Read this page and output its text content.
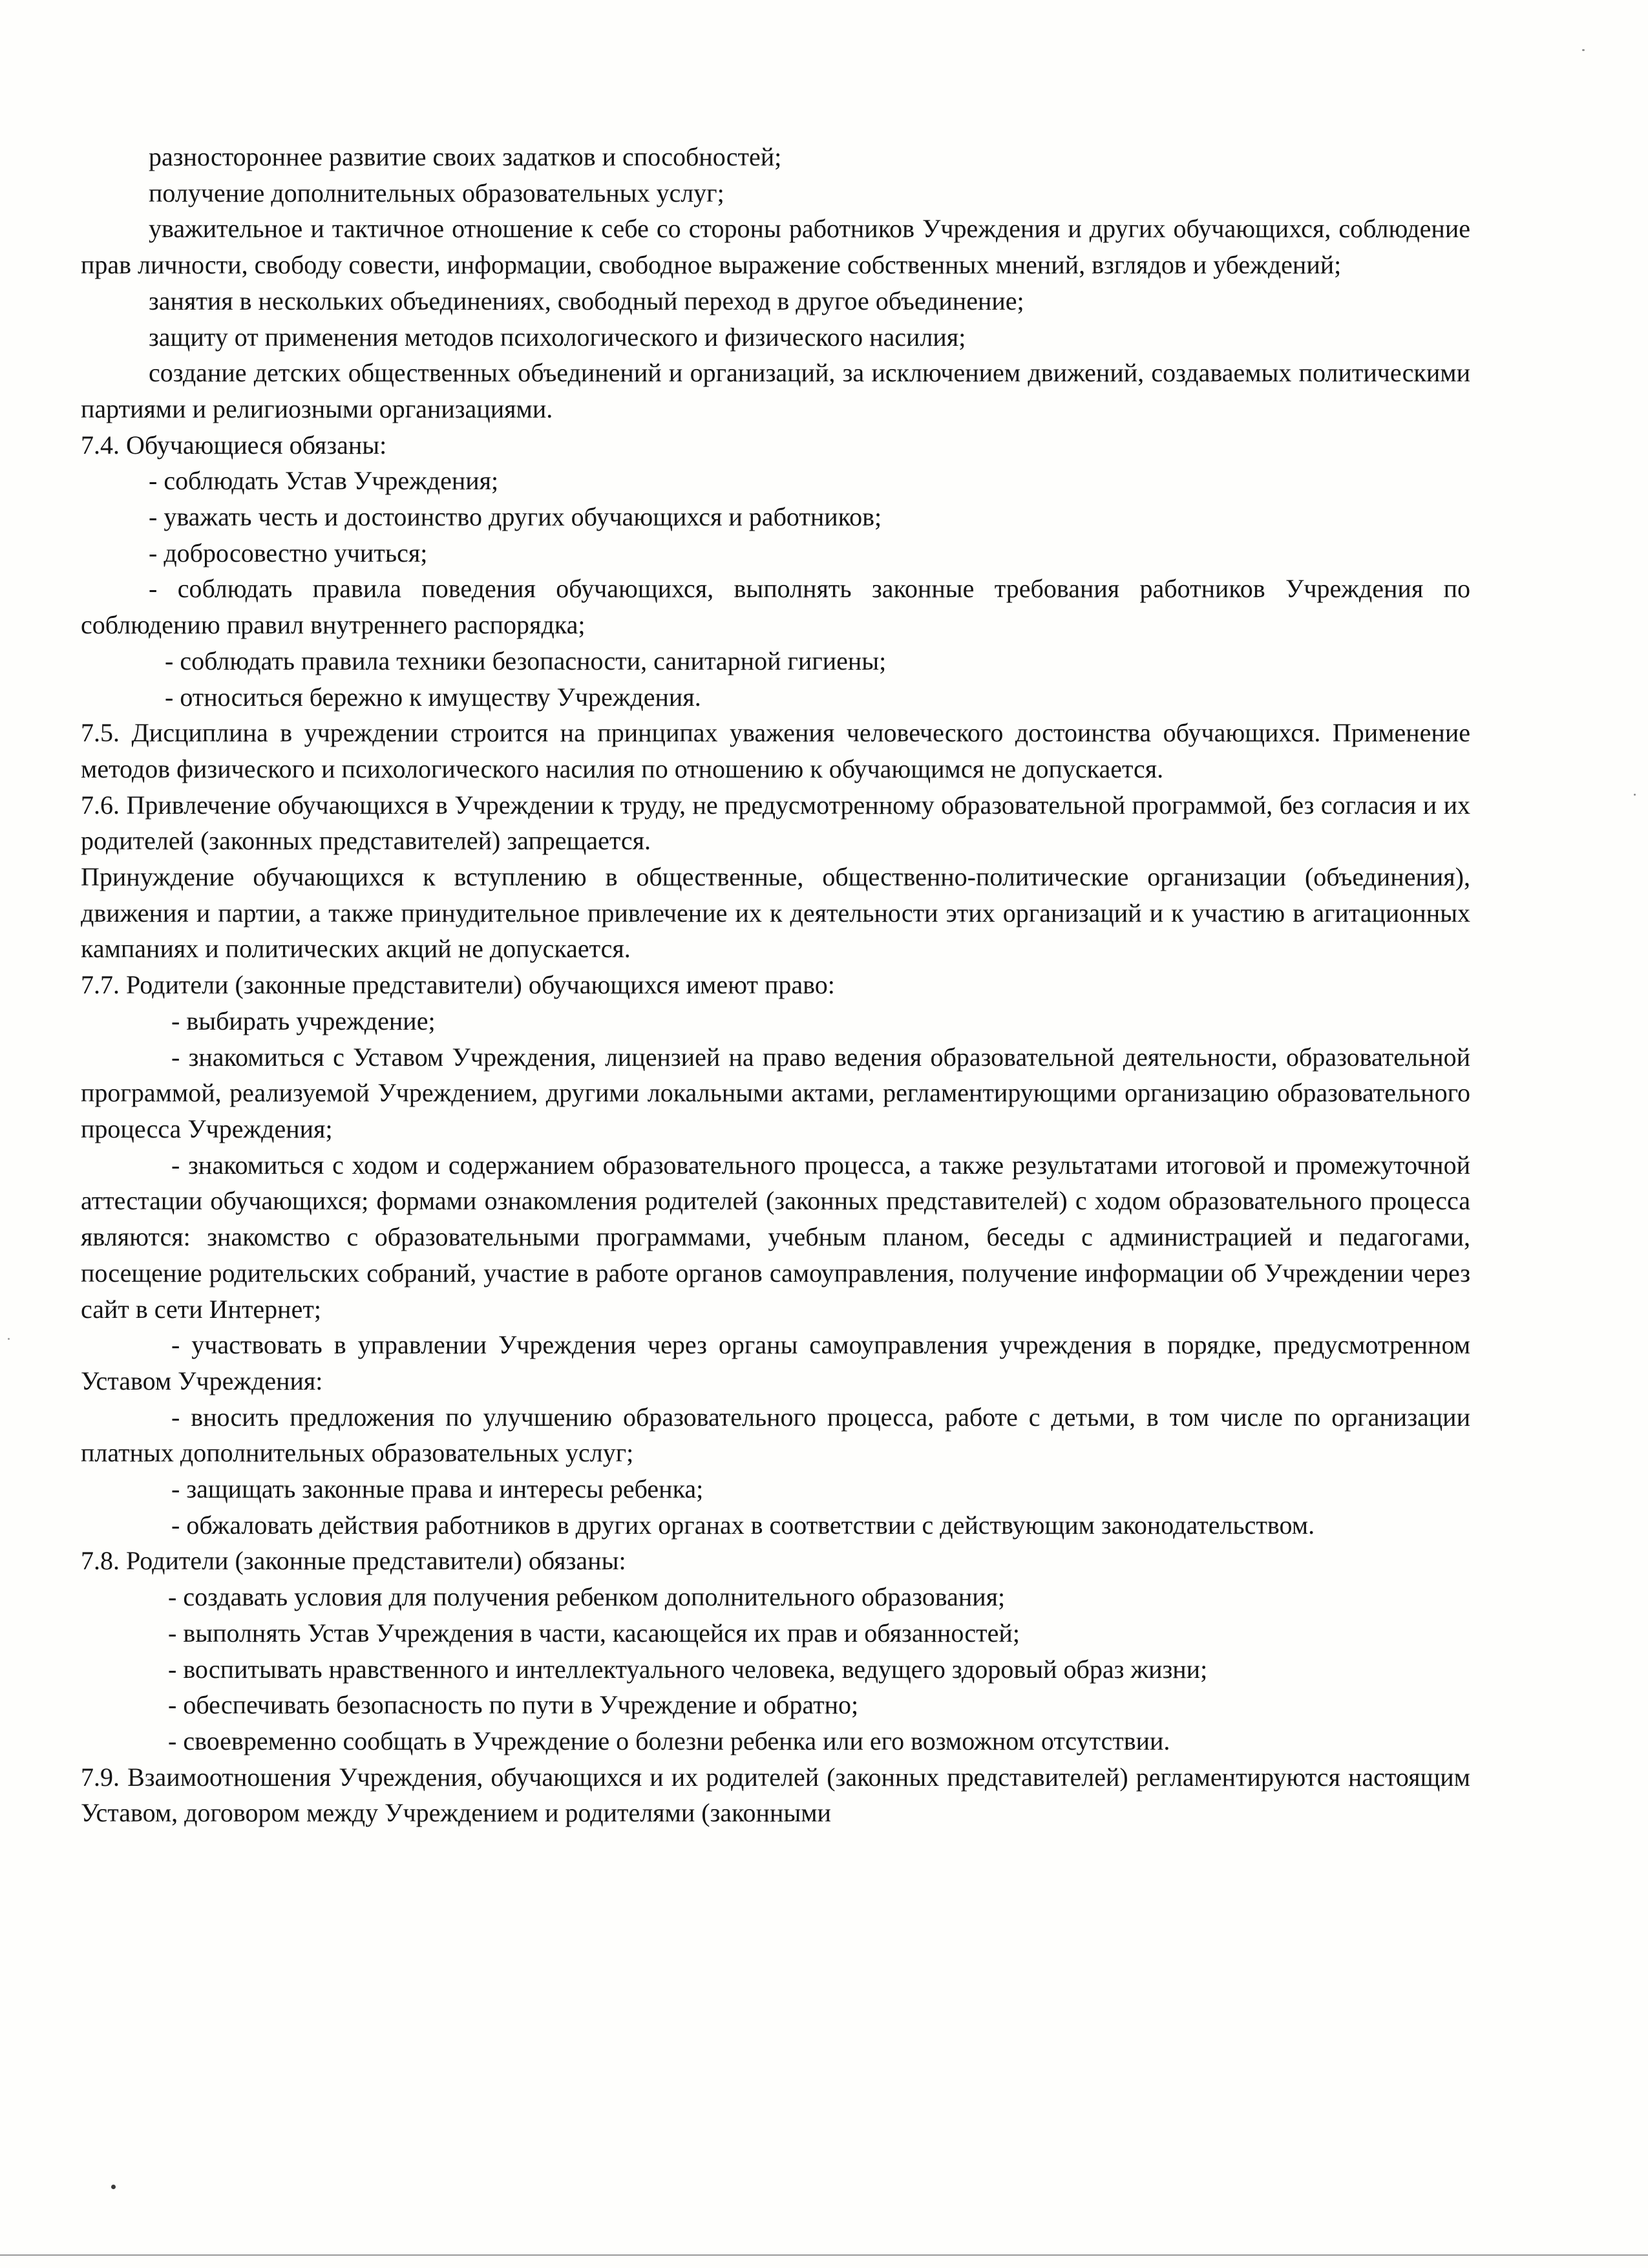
разностороннее развитие своих задатков и способностей;

получение дополнительных образовательных услуг;

уважительное и тактичное отношение к себе со стороны работников Учреждения и других обучающихся, соблюдение прав личности, свободу совести, информации, свободное выражение собственных мнений, взглядов и убеждений;

занятия в нескольких объединениях, свободный переход в другое объединение;

защиту от применения методов психологического и физического насилия;

создание детских общественных объединений и организаций, за исключением движений, создаваемых политическими партиями и религиозными организациями.

7.4. Обучающиеся обязаны:

- соблюдать Устав Учреждения;

- уважать честь и достоинство других обучающихся и работников;

- добросовестно учиться;

- соблюдать правила поведения обучающихся, выполнять законные требования работников Учреждения по соблюдению правил внутреннего распорядка;

- соблюдать правила техники безопасности, санитарной гигиены;

- относиться бережно к имуществу Учреждения.

7.5. Дисциплина в учреждении строится на принципах уважения человеческого достоинства обучающихся. Применение методов физического и психологического насилия по отношению к обучающимся не допускается.

7.6. Привлечение обучающихся в Учреждении к труду, не предусмотренному образовательной программой, без согласия и их родителей (законных представителей) запрещается.

Принуждение обучающихся к вступлению в общественные, общественно-политические организации (объединения), движения и партии, а также принудительное привлечение их к деятельности этих организаций и к участию в агитационных кампаниях и политических акций не допускается.

7.7. Родители (законные представители) обучающихся имеют право:

- выбирать учреждение;

- знакомиться с Уставом Учреждения, лицензией на право ведения образовательной деятельности, образовательной программой, реализуемой Учреждением, другими локальными актами, регламентирующими организацию образовательного процесса Учреждения;

- знакомиться с ходом и содержанием образовательного процесса, а также результатами итоговой и промежуточной аттестации обучающихся; формами ознакомления родителей (законных представителей) с ходом образовательного процесса являются: знакомство с образовательными программами, учебным планом, беседы с администрацией и педагогами, посещение родительских собраний, участие в работе органов самоуправления, получение информации об Учреждении через сайт в сети Интернет;

- участвовать в управлении Учреждения через органы самоуправления учреждения в порядке, предусмотренном Уставом Учреждения:

- вносить предложения по улучшению образовательного процесса, работе с детьми, в том числе по организации платных дополнительных образовательных услуг;

- защищать законные права и интересы ребенка;

- обжаловать действия работников в других органах в соответствии с действующим законодательством.

7.8. Родители (законные представители) обязаны:

- создавать условия для получения ребенком дополнительного образования;

- выполнять Устав Учреждения в части, касающейся их прав и обязанностей;

- воспитывать нравственного и интеллектуального человека, ведущего здоровый образ жизни;

- обеспечивать безопасность по пути в Учреждение и обратно;

- своевременно сообщать в Учреждение о болезни ребенка или его возможном отсутствии.

7.9. Взаимоотношения Учреждения, обучающихся и их родителей (законных представителей) регламентируются настоящим Уставом, договором между Учреждением и родителями (законными
